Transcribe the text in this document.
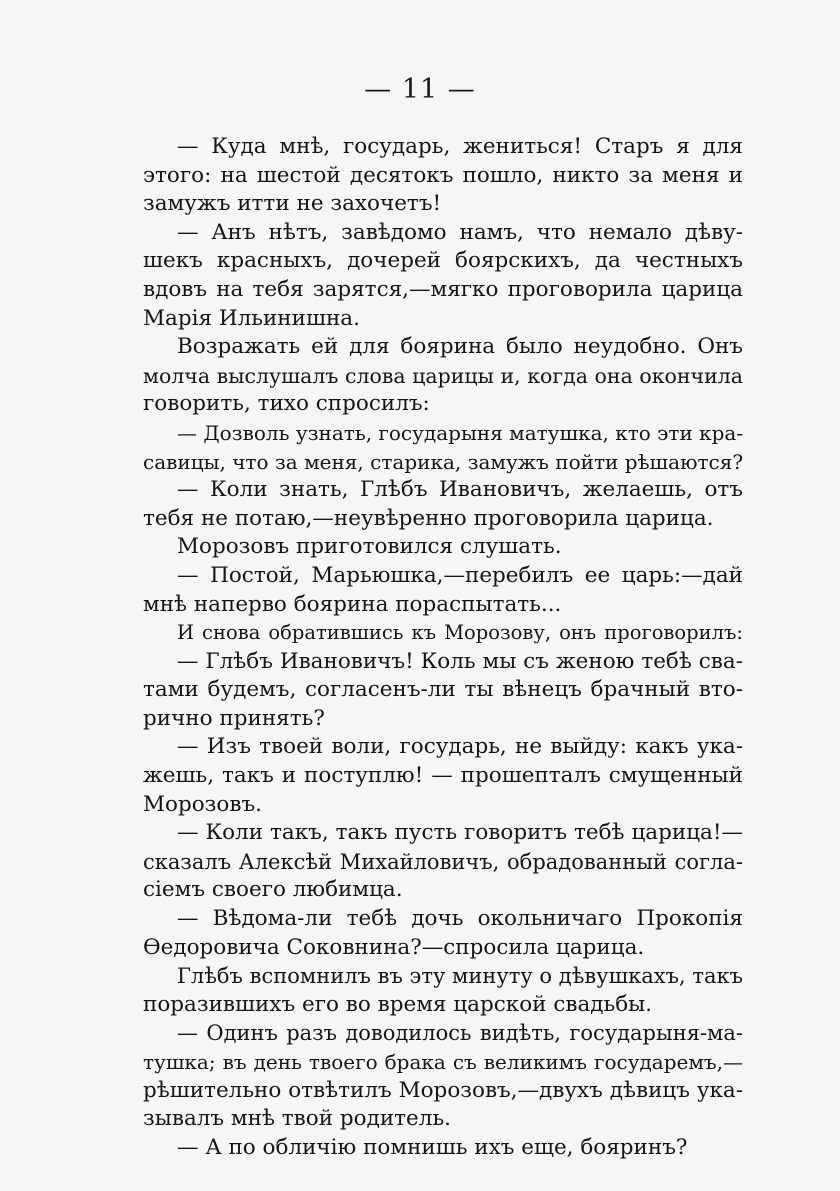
— 11 —
— Куда мнѣ, государь, жениться! Старъ я для
этого: на шестой десятокъ пошло, никто за меня и
замужъ итти не захочетъ!
— Анъ нѣтъ, завѣдомо намъ, что немало дѣву-
шекъ красныхъ, дочерей боярскихъ, да честныхъ
вдовъ на тебя зарятся,—мягко проговорила царица
Марія Ильинишна.
Возражать ей для боярина было неудобно. Онъ
молча выслушалъ слова царицы и, когда она окончила
говорить, тихо спросилъ:
— Дозволь узнать, государыня матушка, кто эти кра-
савицы, что за меня, старика, замужъ пойти рѣшаются?
— Коли знать, Глѣбъ Ивановичъ, желаешь, отъ
тебя не потаю,—неувѣренно проговорила царица.
Морозовъ приготовился слушать.
— Постой, Марьюшка,—перебилъ ее царь:—дай
мнѣ наперво боярина пораспытать...
И снова обратившись къ Морозову, онъ проговорилъ:
— Глѣбъ Ивановичъ! Коль мы съ женою тебѣ сва-
тами будемъ, согласенъ-ли ты вѣнецъ брачный вто-
рично принять?
— Изъ твоей воли, государь, не выйду: какъ ука-
жешь, такъ и поступлю! — прошепталъ смущенный
Морозовъ.
— Коли такъ, такъ пусть говоритъ тебѣ царица!—
сказалъ Алексѣй Михайловичъ, обрадованный согла-
сіемъ своего любимца.
— Вѣдома-ли тебѣ дочь окольничаго Прокопія
Ѳедоровича Соковнина?—спросила царица.
Глѣбъ вспомнилъ въ эту минуту о дѣвушкахъ, такъ
поразившихъ его во время царской свадьбы.
— Одинъ разъ доводилось видѣть, государыня-ма-
тушка; въ день твоего брака съ великимъ государемъ,—
рѣшительно отвѣтилъ Морозовъ,—двухъ дѣвицъ ука-
зывалъ мнѣ твой родитель.
— А по обличію помнишь ихъ еще, бояринъ?
